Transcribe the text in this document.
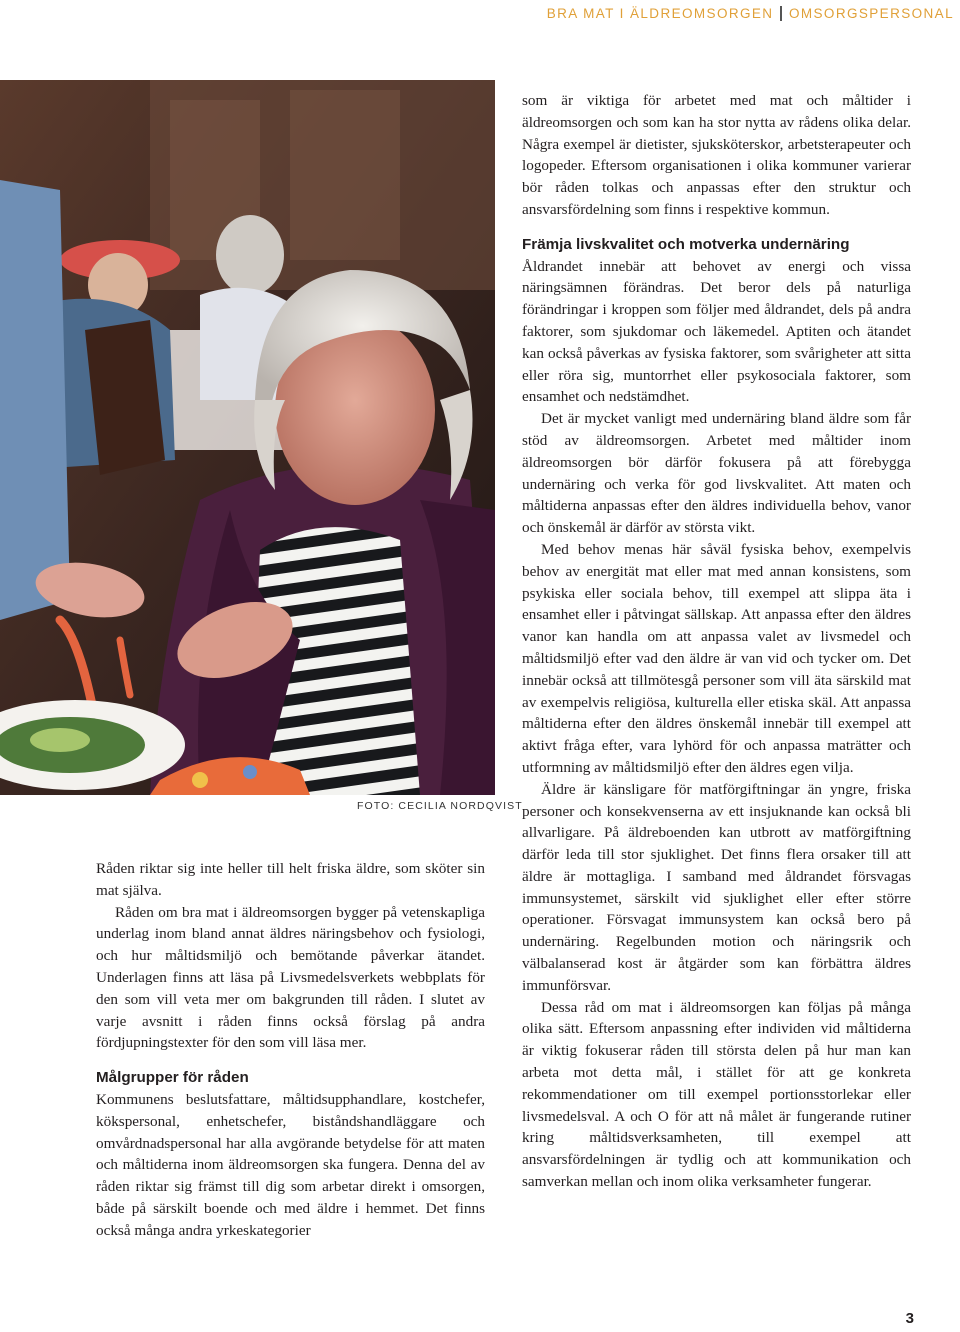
BRA MAT I ÄLDREOMSORGEN OMSORGSPERSONAL
FOTO: CECILIA NORDQVIST

Råden riktar sig inte heller till helt friska äldre, som sköter sin mat själva.

Råden om bra mat i äldreomsorgen bygger på vetenskapliga underlag inom bland annat äldres näringsbehov och fysiologi, och hur måltidsmiljö och bemötande påverkar ätandet. Underlagen finns att läsa på Livsmedelsverkets webbplats för den som vill veta mer om bakgrunden till råden. I slutet av varje avsnitt i råden finns också förslag på andra fördjupningstexter för den som vill läsa mer.

Målgrupper för råden

Kommunens beslutsfattare, måltidsupphandlare, kostchefer, kökspersonal, enhetschefer, biståndshandläggare och omvårdnadspersonal har alla avgörande betydelse för att maten och måltiderna inom äldreomsorgen ska fungera. Denna del av råden riktar sig främst till dig som arbetar direkt i omsorgen, både på särskilt boende och med äldre i hemmet. Det finns också många andra yrkeskategorier

som är viktiga för arbetet med mat och måltider i äldreomsorgen och som kan ha stor nytta av rådens olika delar. Några exempel är dietister, sjuksköterskor, arbetsterapeuter och logopeder. Eftersom organisationen i olika kommuner varierar bör råden tolkas och anpassas efter den struktur och ansvarsfördelning som finns i respektive kommun.

Främja livskvalitet och motverka undernäring

Åldrandet innebär att behovet av energi och vissa näringsämnen förändras. Det beror dels på naturliga förändringar i kroppen som följer med åldrandet, dels på andra faktorer, som sjukdomar och läkemedel. Aptiten och ätandet kan också påverkas av fysiska faktorer, som svårigheter att sitta eller röra sig, muntorrhet eller psykosociala faktorer, som ensamhet och nedstämdhet.

Det är mycket vanligt med undernäring bland äldre som får stöd av äldreomsorgen. Arbetet med måltider inom äldreomsorgen bör därför fokusera på att förebygga undernäring och verka för god livskvalitet. Att maten och måltiderna anpassas efter den äldres individuella behov, vanor och önskemål är därför av största vikt.

Med behov menas här såväl fysiska behov, exempelvis behov av energität mat eller mat med annan konsistens, som psykiska eller sociala behov, till exempel att slippa äta i ensamhet eller i påtvingat sällskap. Att anpassa efter den äldres vanor kan handla om att anpassa valet av livsmedel och måltidsmiljö efter vad den äldre är van vid och tycker om. Det innebär också att tillmötesgå personer som vill äta särskild mat av exempelvis religiösa, kulturella eller etiska skäl. Att anpassa måltiderna efter den äldres önskemål innebär till exempel att aktivt fråga efter, vara lyhörd för och anpassa maträtter och utformning av måltidsmiljö efter den äldres egen vilja.

Äldre är känsligare för matförgiftningar än yngre, friska personer och konsekvenserna av ett insjuknande kan också bli allvarligare. På äldreboenden kan utbrott av matförgiftning därför leda till stor sjuklighet. Det finns flera orsaker till att äldre är mottagliga. I samband med åldrandet försvagas immunsystemet, särskilt vid sjuklighet eller efter större operationer. Försvagat immunsystem kan också bero på undernäring. Regelbunden motion och näringsrik och välbalanserad kost är åtgärder som kan förbättra äldres immunförsvar.

Dessa råd om mat i äldreomsorgen kan följas på många olika sätt. Eftersom anpassning efter individen vid måltiderna är viktig fokuserar råden till största delen på hur man kan arbeta mot detta mål, i stället för att ge konkreta rekommendationer om till exempel portionsstorlekar eller livsmedelsval. A och O för att nå målet är fungerande rutiner kring måltidsverksamheten, till exempel att ansvarsfördelningen är tydlig och att kommunikation och samverkan mellan och inom olika verksamheter fungerar.

3
